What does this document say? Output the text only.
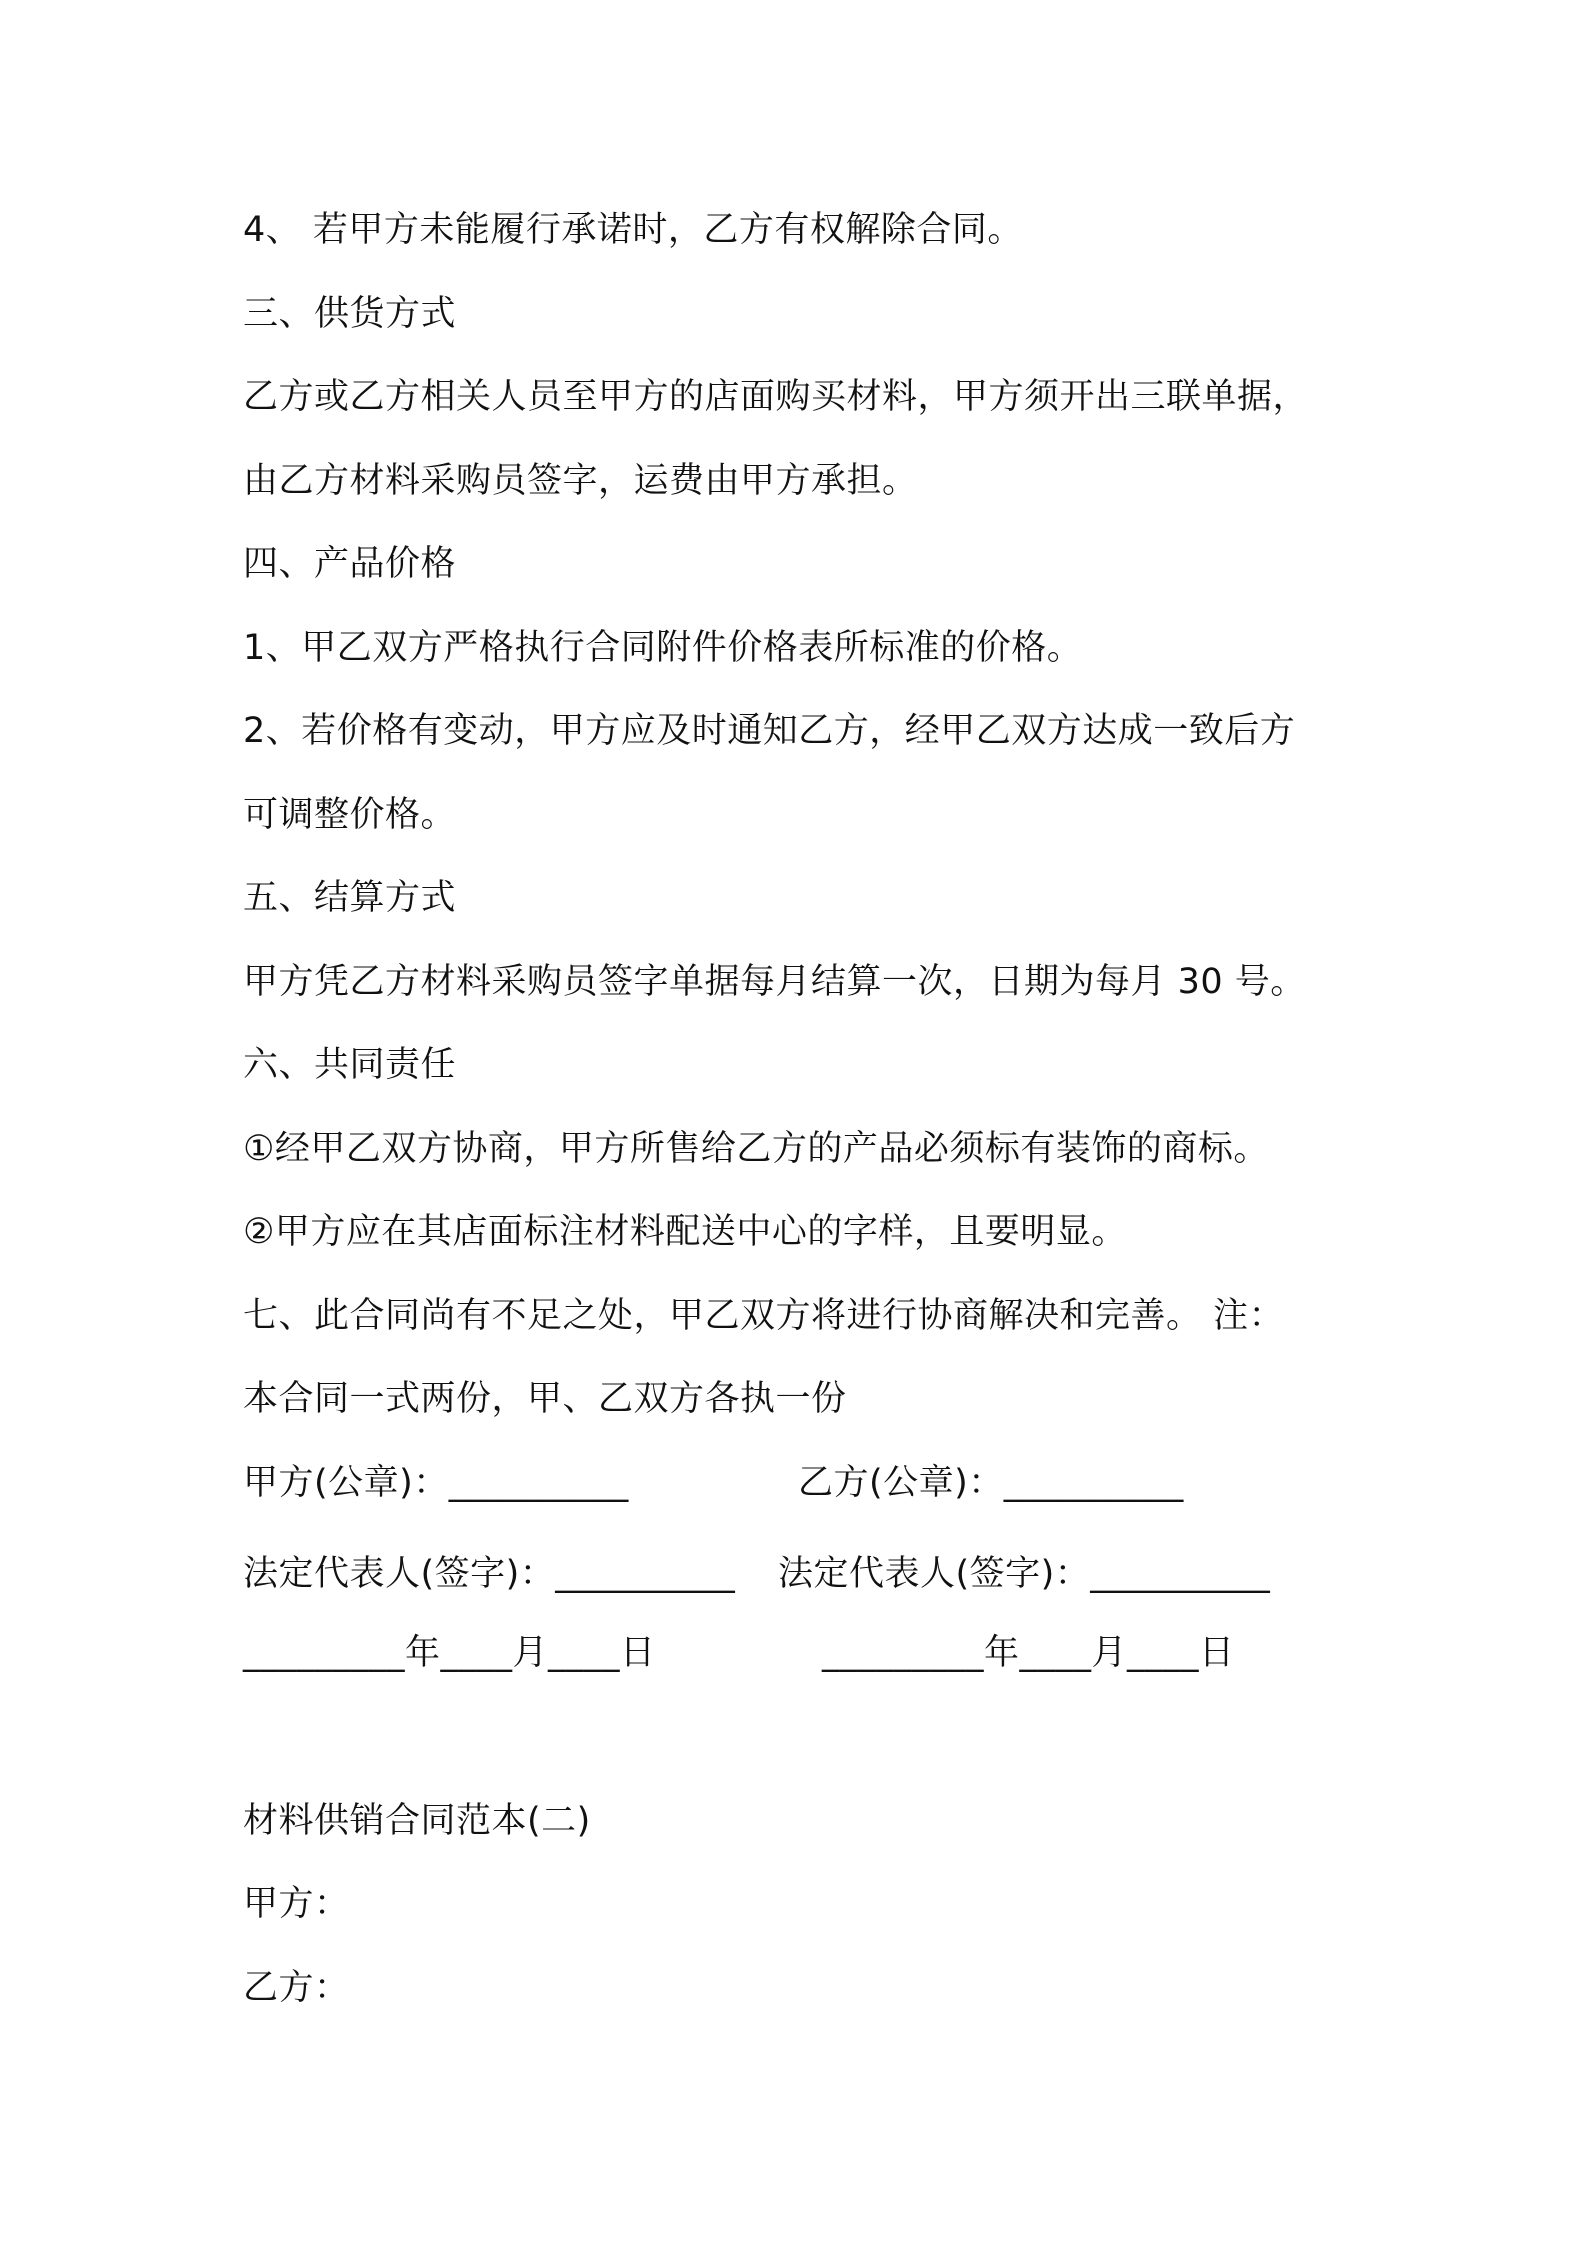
4、 若甲方未能履行承诺时，乙方有权解除合同。
三、供货方式
乙方或乙方相关人员至甲方的店面购买材料，甲方须开出三联单据，
由乙方材料采购员签字，运费由甲方承担。
四、产品价格
1、甲乙双方严格执行合同附件价格表所标准的价格。
2、若价格有变动，甲方应及时通知乙方，经甲乙双方达成一致后方
可调整价格。
五、结算方式
甲方凭乙方材料采购员签字单据每月结算一次，日期为每月 30 号。
六、共同责任
①经甲乙双方协商，甲方所售给乙方的产品必须标有装饰的商标。
②甲方应在其店面标注材料配送中心的字样，且要明显。
七、此合同尚有不足之处，甲乙双方将进行协商解决和完善。 注：
本合同一式两份，甲、乙双方各执一份
甲方(公章)：__________	乙方(公章)：__________
法定代表人(签字)：__________ 法定代表人(签字)：__________
_________年____月____日	_________年____月____日
材料供销合同范本(二)
甲方：
乙方：
